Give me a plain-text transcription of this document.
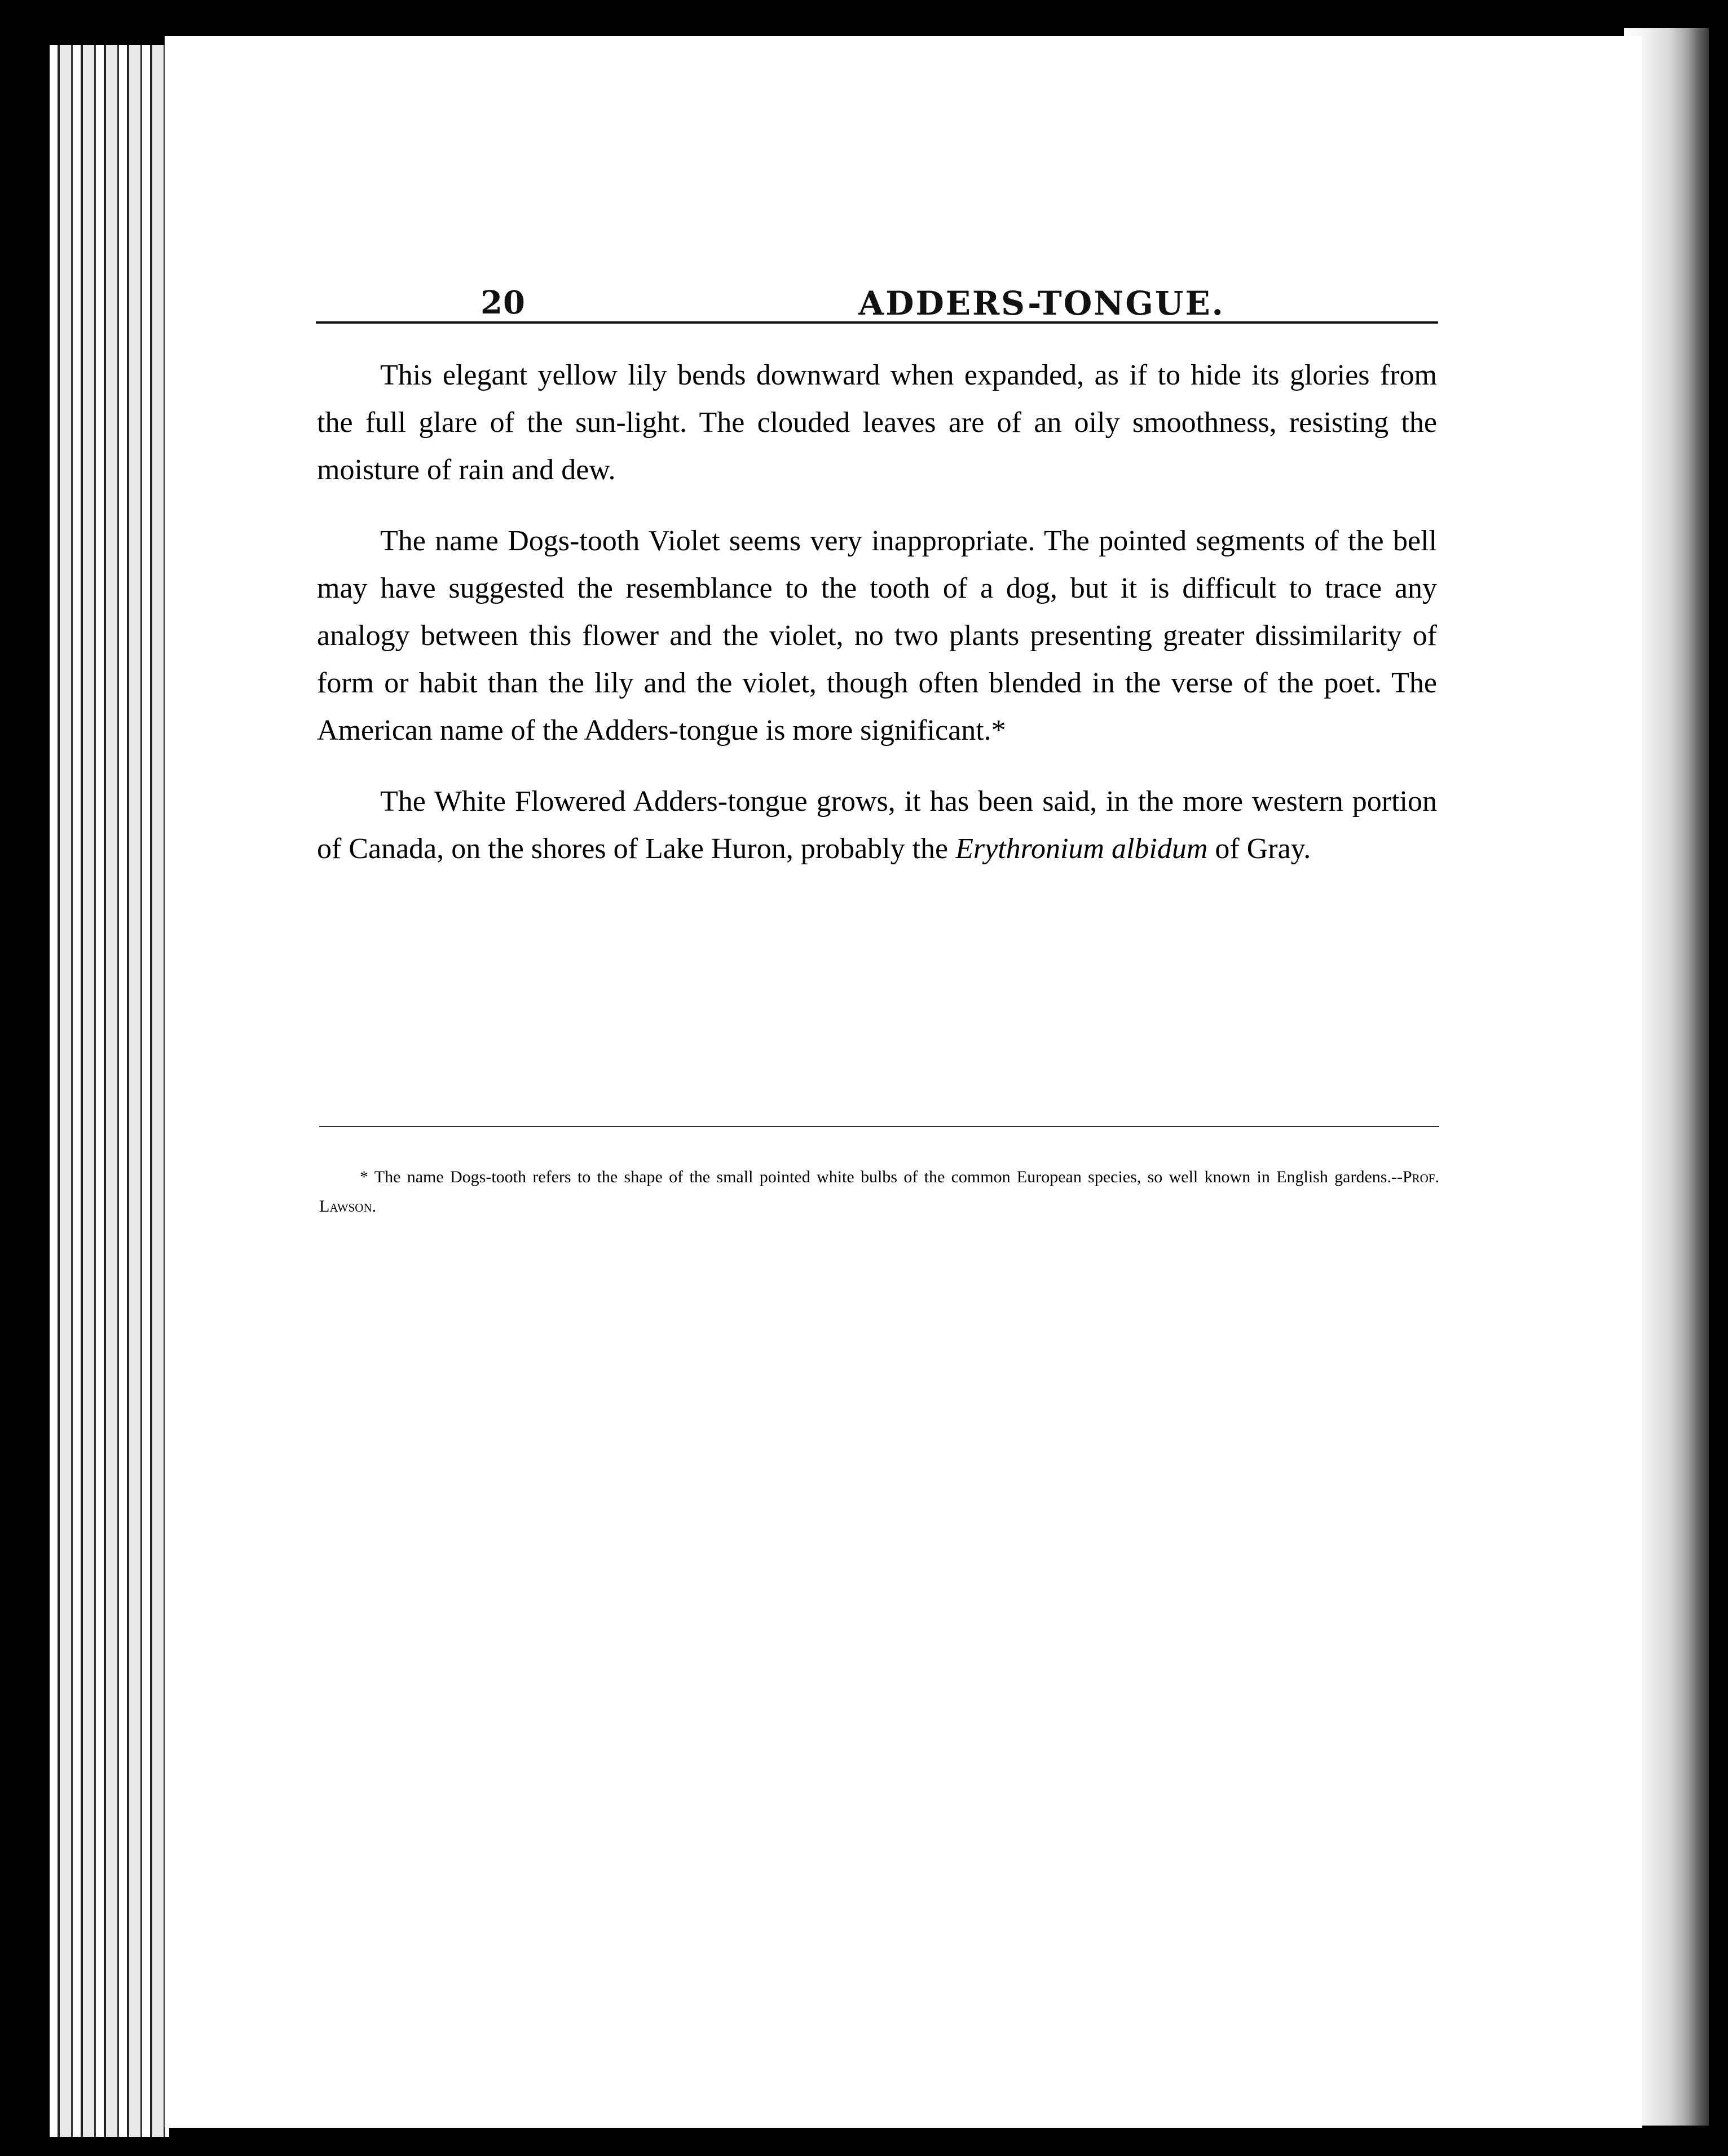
20	ADDERS-TONGUE.

This elegant yellow lily bends downward when expanded, as if to hide its glories from the full glare of the sun-light. The clouded leaves are of an oily smoothness, resisting the moisture of rain and dew.

The name Dogs-tooth Violet seems very inappropriate. The pointed segments of the bell may have suggested the resemblance to the tooth of a dog, but it is difficult to trace any analogy between this flower and the violet, no two plants presenting greater dissimilarity of form or habit than the lily and the violet, though often blended in the verse of the poet. The American name of the Adders-tongue is more significant.*

The White Flowered Adders-tongue grows, it has been said, in the more western portion of Canada, on the shores of Lake Huron, probably the Erythronium albidum of Gray.

* The name Dogs-tooth refers to the shape of the small pointed white bulbs of the common European species, so well known in English gardens.--Prof. Lawson.
